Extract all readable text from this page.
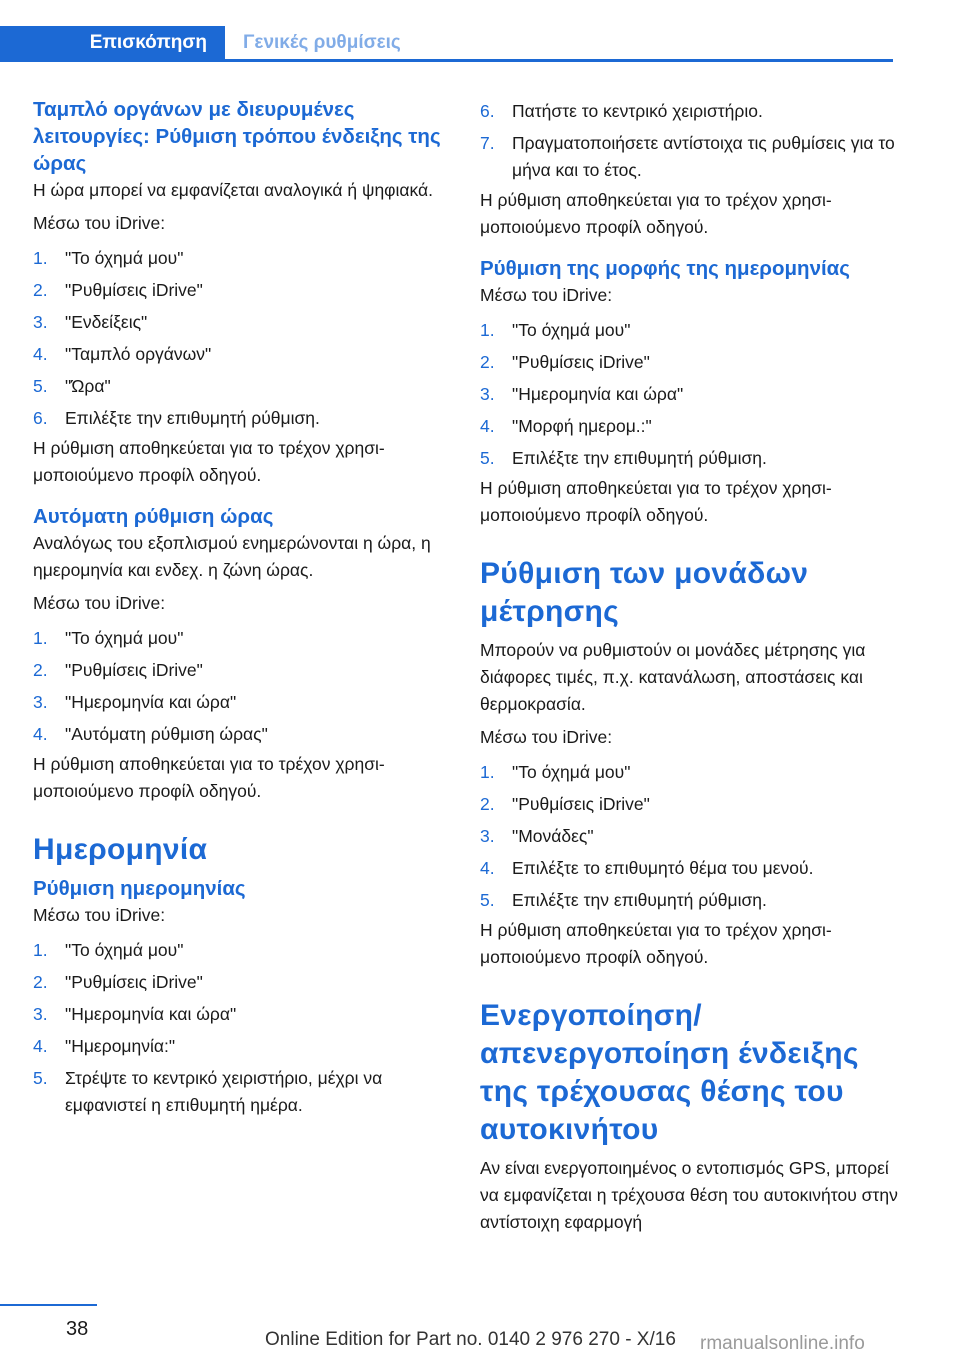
Επισκόπηση Γενικές ρυθμίσεις
Ταμπλό οργάνων με διευρυμένες λειτουργίες: Ρύθμιση τρόπου ένδειξης της ώρας

Η ώρα μπορεί να εμφανίζεται αναλογικά ή ψηφιακά.

Μέσω του iDrive:

1. "Το όχημά μου"
2. "Ρυθμίσεις iDrive"
3. "Ενδείξεις"
4. "Ταμπλό οργάνων"
5. "Ώρα"
6. Επιλέξτε την επιθυμητή ρύθμιση.

Η ρύθμιση αποθηκεύεται για το τρέχον χρησιμοποιούμενο προφίλ οδηγού.

Αυτόματη ρύθμιση ώρας

Αναλόγως του εξοπλισμού ενημερώνονται η ώρα, η ημερομηνία και ενδεχ. η ζώνη ώρας.

Μέσω του iDrive:

1. "Το όχημά μου"
2. "Ρυθμίσεις iDrive"
3. "Ημερομηνία και ώρα"
4. "Αυτόματη ρύθμιση ώρας"

Η ρύθμιση αποθηκεύεται για το τρέχον χρησιμοποιούμενο προφίλ οδηγού.

Ημερομηνία
Ρύθμιση ημερομηνίας

Μέσω του iDrive:

1. "Το όχημά μου"
2. "Ρυθμίσεις iDrive"
3. "Ημερομηνία και ώρα"
4. "Ημερομηνία:"
5. Στρέψτε το κεντρικό χειριστήριο, μέχρι να εμφανιστεί η επιθυμητή ημέρα.
6. Πατήστε το κεντρικό χειριστήριο.
7. Πραγματοποιήσετε αντίστοιχα τις ρυθμίσεις για το μήνα και το έτος.

Η ρύθμιση αποθηκεύεται για το τρέχον χρησιμοποιούμενο προφίλ οδηγού.

Ρύθμιση της μορφής της ημερομηνίας

Μέσω του iDrive:

1. "Το όχημά μου"
2. "Ρυθμίσεις iDrive"
3. "Ημερομηνία και ώρα"
4. "Μορφή ημερομ.:"
5. Επιλέξτε την επιθυμητή ρύθμιση.

Η ρύθμιση αποθηκεύεται για το τρέχον χρησιμοποιούμενο προφίλ οδηγού.

Ρύθμιση των μονάδων μέτρησης

Μπορούν να ρυθμιστούν οι μονάδες μέτρησης για διάφορες τιμές, π.χ. κατανάλωση, αποστάσεις και θερμοκρασία.

Μέσω του iDrive:

1. "Το όχημά μου"
2. "Ρυθμίσεις iDrive"
3. "Μονάδες"
4. Επιλέξτε το επιθυμητό θέμα του μενού.
5. Επιλέξτε την επιθυμητή ρύθμιση.

Η ρύθμιση αποθηκεύεται για το τρέχον χρησιμοποιούμενο προφίλ οδηγού.

Ενεργοποίηση/ απενεργοποίηση ένδειξης της τρέχουσας θέσης του αυτοκινήτου

Αν είναι ενεργοποιημένος ο εντοπισμός GPS, μπορεί να εμφανίζεται η τρέχουσα θέση του αυτοκινήτου στην αντίστοιχη εφαρμογή

38	Online Edition for Part no. 0140 2 976 270 - X/16 rmanualsonline.info
